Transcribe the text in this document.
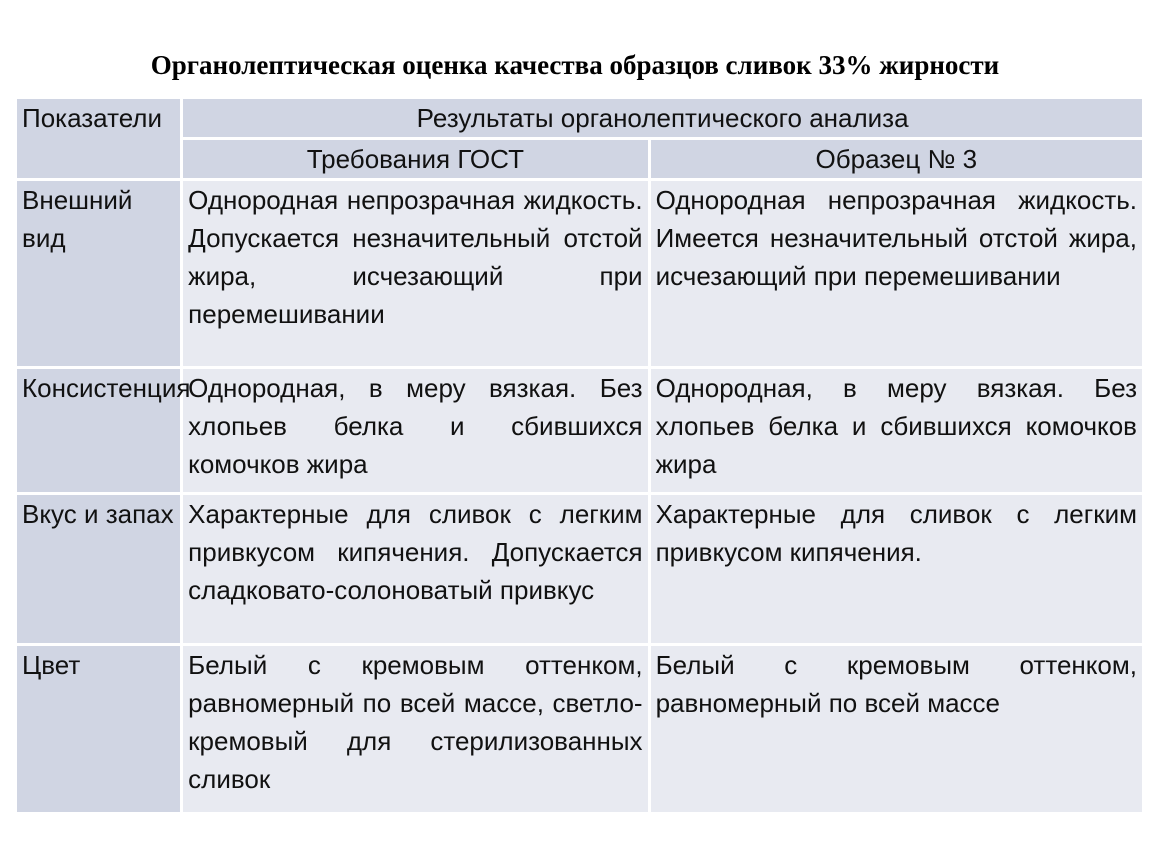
Органолептическая оценка качества образцов сливок 33% жирности
Показатели	Результаты органолептического анализа	
	Требования ГОСТ	Образец № 3
Внешний вид	Однородная непрозрачная жидкость. Допускается незначительный отстой жира, исчезающий при перемешивании	Однородная непрозрачная жидкость. Имеется незначительный отстой жира, исчезающий при перемешивании
Консистенция	Однородная, в меру вязкая. Без хлопьев белка и сбившихся комочков жира	Однородная, в меру вязкая. Без хлопьев белка и сбившихся комочков жира
Вкус и запах	Характерные для сливок с легким привкусом кипячения. Допускается сладковато-солоноватый привкус	Характерные для сливок с легким привкусом кипячения.
Цвет	Белый с кремовым оттенком, равномерный по всей массе, светло-кремовый для стерилизованных сливок	Белый с кремовым оттенком, равномерный по всей массе
